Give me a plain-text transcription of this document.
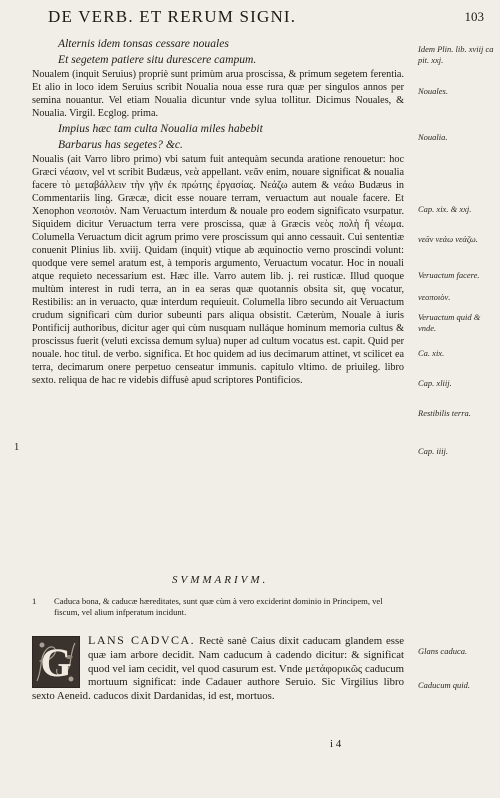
DE VERB. ET RERUM SIGNI.	103

Alternis idem tonsas cessare nouales

Et segetem patiere situ durescere campum.

Noualem (inquit Seruius) propriè sunt primùm arua proscissa, & primum segetem ferentia. Et alio in loco idem Seruius scribit Noualia noua esse rura quæ per singulos annos per semina nouantur. Vel etiam Noualia dicuntur vnde sylua tollitur. Dicimus Nouales, & Noualia. Virgil. Ecglog. prima.

Impius hæc tam culta Noualia miles habebit

Barbarus has segetes? &c.

Noualis (ait Varro libro primo) vbi satum fuit antequàm secunda aratione renouetur: hoc Græci νέασιν, vel vt scribit Budæus, νεὰ appellant. νεᾶν enim, nouare significat & noualia facere τὸ μεταβάλλειν τὴν γῆν ἐκ πρώτης ἐργασίας. Νεάζω autem & νεάω Budæus in Commentariis ling. Græcæ, dicit esse nouare terram, veruactum aut nouale facere. Et Xenophon νεοποιὸν. Nam Veruactum interdum & nouale pro eodem significato vsurpatur. Siquidem dicitur Veruactum terra vere proscissa, quæ à Græcis νεὸς πολὴ ἢ νέωμα. Columella Veruactum dicit agrum primo vere proscissum qui anno cessauit. Cui sententiæ conuenit Plinius lib. xviij. Quidam (inquit) vtique ab æquinoctio verno proscindi volunt: quodque vere semel aratum est, à temporis argumento, Veruactum vocatur. Hoc in nouali atque requieto necessarium est. Hæc ille. Varro autem lib. j. rei rusticæ. Illud quoque multùm interest in rudi terra, an in ea seras quæ quotannis obsita sit, quę vocatur, Restibilis: an in veruacto, quæ interdum requieuit. Columella libro secundo ait Veruactum crudum significari cùm durior subeunti pars aliqua obsistit. Cæterùm, Nouale à iuris Pontificij authoribus, dicitur ager qui cùm nusquam nulláque hominum memoria cultus & proscissus fuerit (veluti excissa demum sylua) nuper ad cultum vocatus est. capit. Quid per nouale. hoc titul. de verbo. significa. Et hoc quidem ad ius decimarum attinet, vt scilicet ea terra, decimarum onere perpetuo censeatur immunis. capitulo vltimo. de priuileg. libro sexto. reliqua de hac re videbis diffusè apud scriptores Pontificios.

Idem Plin. lib. xviij ca pit. xxj.
Nouales.
Noualia.
Cap. xix. & xxj.
νεᾶν νεάω νεάζω.
Veruactum facere.
νεοποιὸν.
Veruactum quid & vnde.
Ca. xix.
Cap. xliij.
Restibilis terra.
Cap. iiij.
Glans caduca.
Caducum quid.
1
SVMMARIVM.
1	Caduca bona, & caducæ hæreditates, sunt quæ cùm à vero exciderint dominio in Principem, vel fiscum, vel alium infperatum incidunt.
G	LANS CADVCA. Rectè sanè Caius dixit caducam glandem esse quæ iam arbore decidit. Nam caducum à cadendo dicitur: & significat quod vel iam cecidit, vel quod casurum est. Vnde μετάφορικῶς caducum mortuum significat: inde Cadauer authore Seruio. Sic Virgilius libro sexto Aeneid. caducos dixit Dardanidas, id est, mortuos.
i 4
